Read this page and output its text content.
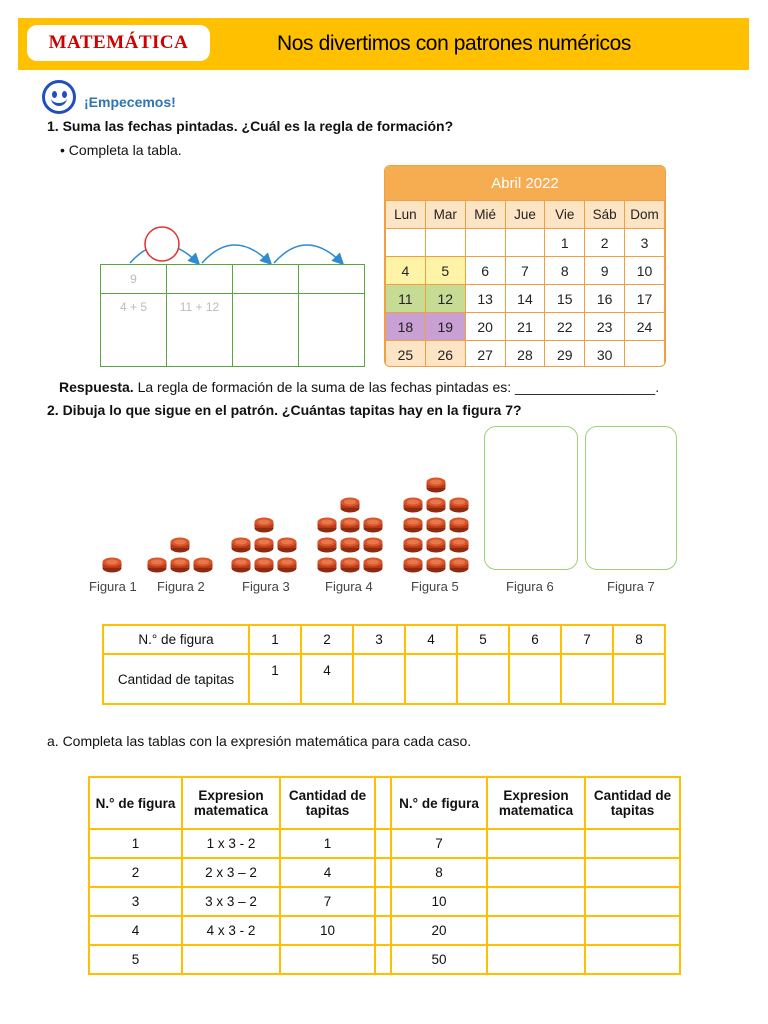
MATEMÁTICA	Nos divertimos con patrones numéricos
¡Empecemos!
1. Suma las fechas pintadas. ¿Cuál es la regla de formación?
• Completa la tabla.
9			
4 + 5	11 + 12		
Abril 2022
Lun	Mar	Mié	Jue	Vie	Sáb	Dom
				1	2	3
4	5	6	7	8	9	10
11	12	13	14	15	16	17
18	19	20	21	22	23	24
25	26	27	28	29	30	
Respuesta. La regla de formación de la suma de las fechas pintadas es: __________________.
2. Dibuja lo que sigue en el patrón. ¿Cuántas tapitas hay en la figura 7?
Figura 1 Figura 2	Figura 3	Figura 4	Figura 5	Figura 6	Figura 7
N.° de figura	1	2	3	4	5	6	7	8
Cantidad de tapitas	1	4						
a. Completa las tablas con la expresión matemática para cada caso.
N.° de figura	Expresion matematica	Cantidad de tapitas		N.° de figura	Expresion matematica	Cantidad de tapitas
1	1 x 3 - 2	1		7		
2	2 x 3 – 2	4		8		
3	3 x 3 – 2	7		10		
4	4 x 3 - 2	10		20		
5				50		
